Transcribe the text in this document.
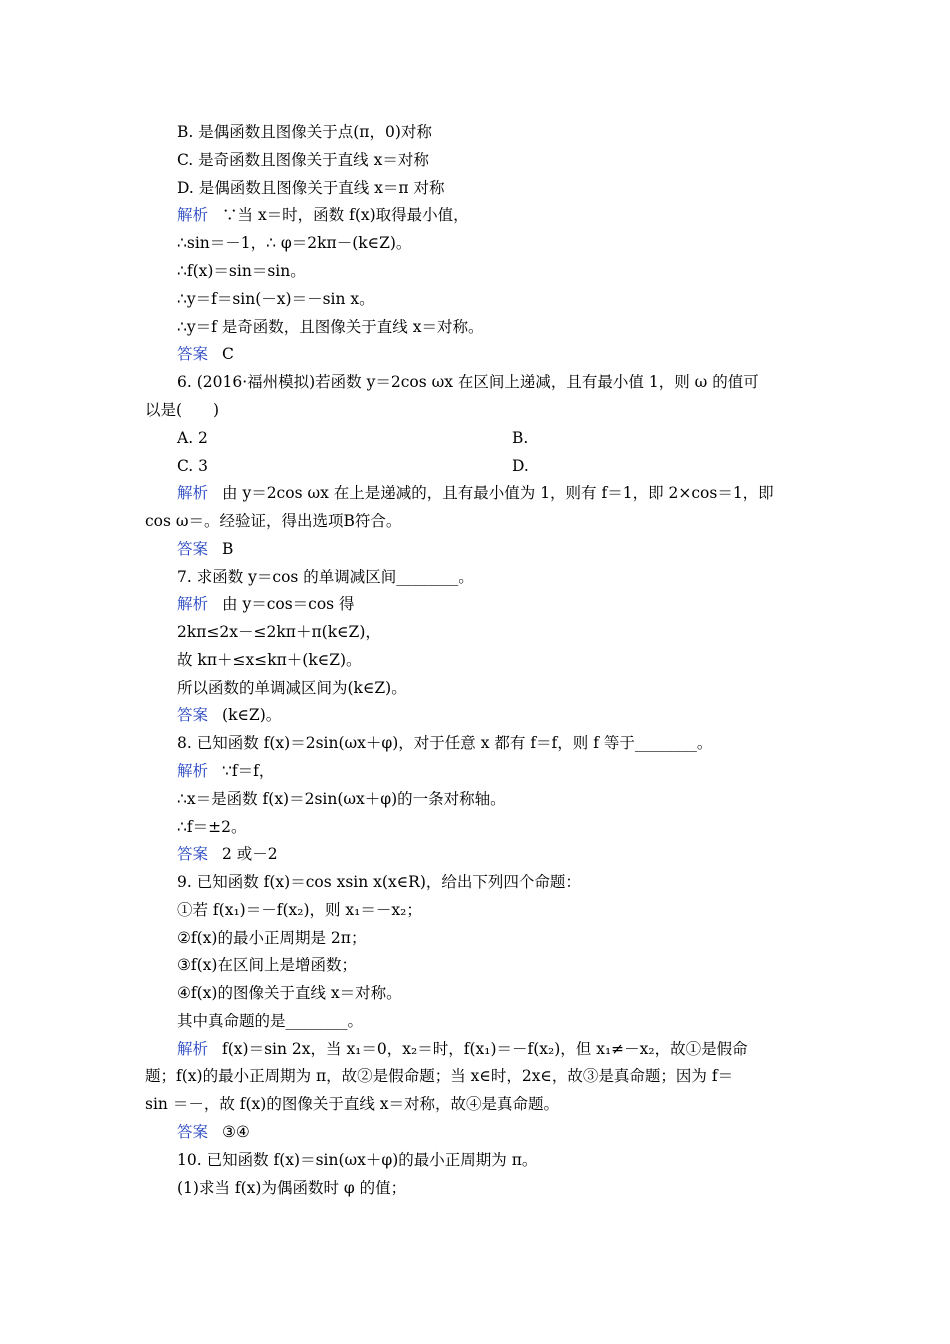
B. 是偶函数且图像关于点(π，0)对称
C. 是奇函数且图像关于直线 x＝对称
D. 是偶函数且图像关于直线 x＝π 对称
解析 ∵当 x＝时，函数 f(x)取得最小值，
∴sin＝－1，∴ φ＝2kπ－(k∈Z)。
∴f(x)＝sin＝sin。
∴y＝f＝sin(－x)＝－sin x。
∴y＝f 是奇函数，且图像关于直线 x＝对称。
答案 C
6. (2016·福州模拟)若函数 y＝2cos ωx 在区间上递减，且有最小值 1，则 ω 的值可
以是(　　)
A. 2	B.
C. 3	D.
解析 由 y＝2cos ωx 在上是递减的，且有最小值为 1，则有 f＝1，即 2×cos＝1，即
cos ω＝。经验证，得出选项B符合。
答案 B
7. 求函数 y＝cos 的单调减区间________。
解析 由 y＝cos＝cos 得
2kπ≤2x－≤2kπ＋π(k∈Z)，
故 kπ＋≤x≤kπ＋(k∈Z)。
所以函数的单调减区间为(k∈Z)。
答案 (k∈Z)。
8. 已知函数 f(x)＝2sin(ωx＋φ)，对于任意 x 都有 f＝f，则 f 等于________。
解析 ∵f＝f，
∴x＝是函数 f(x)＝2sin(ωx＋φ)的一条对称轴。
∴f＝±2。
答案 2 或－2
9. 已知函数 f(x)＝cos xsin x(x∈R)，给出下列四个命题：
①若 f(x₁)＝－f(x₂)，则 x₁＝－x₂；
②f(x)的最小正周期是 2π；
③f(x)在区间上是增函数；
④f(x)的图像关于直线 x＝对称。
其中真命题的是________。
解析 f(x)＝sin 2x，当 x₁＝0，x₂＝时，f(x₁)＝－f(x₂)，但 x₁≠－x₂，故①是假命
题；f(x)的最小正周期为 π，故②是假命题；当 x∈时，2x∈，故③是真命题；因为 f＝
sin ＝－，故 f(x)的图像关于直线 x＝对称，故④是真命题。
答案 ③④
10. 已知函数 f(x)＝sin(ωx＋φ)的最小正周期为 π。
(1)求当 f(x)为偶函数时 φ 的值；
